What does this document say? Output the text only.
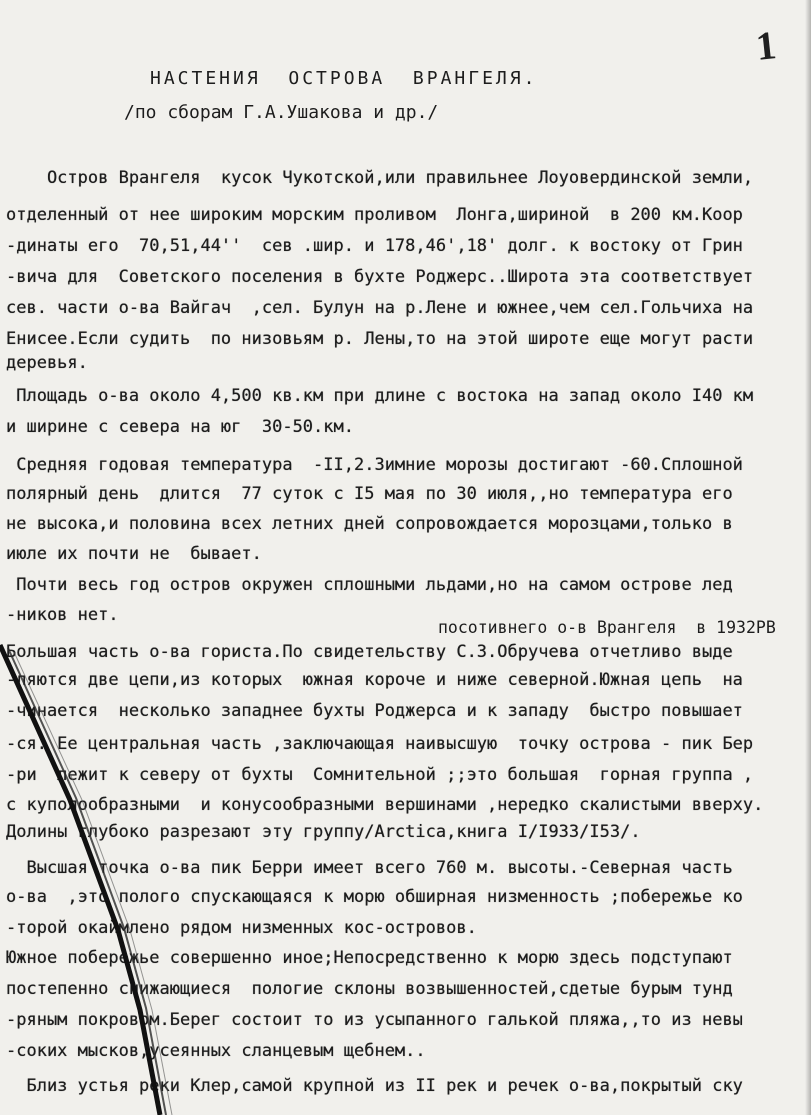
1
НАСТЕНИЯ  ОСТРОВА  ВРАНГЕЛЯ.
/по сборам Г.А.Ушакова и др./
посотивнего о-в Врангеля  в 1932РВ
Остров Врангеля  кусок Чукотской,или правильнее Лоуовердинской земли,
отделенный от нее широким морским проливом  Лонга,шириной  в 200 км.Коор
-динаты его  70,51,44''  сев .шир. и 178,46',18' долг. к востоку от Грин
-вича для  Советского поселения в бухте Роджерс..Широта эта соответствует
сев. части о-ва Вайгач  ,сел. Булун на р.Лене и южнее,чем сел.Гольчиха на
Енисее.Если судить  по низовьям р. Лены,то на этой широте еще могут расти
деревья.
Площадь о-ва около 4,500 кв.км при длине с востока на запад около I40 км
и ширине с севера на юг  30-50.км.
Средняя годовая температура  -II,2.Зимние морозы достигают -60.Сплошной
полярный день  длится  77 суток с I5 мая по 30 июля,,но температура его
не высока,и половина всех летних дней сопровождается морозцами,только в
июле их почти не  бывает.
Почти весь год остров окружен сплошными льдами,но на самом острове лед
-ников нет.
Большая часть о-ва гориста.По свидетельству С.З.Обручева отчетливо выде
-ляются две цепи,из которых  южная короче и ниже северной.Южная цепь  на
-чинается  несколько западнее бухты Роджерса и к западу  быстро повышает
-ся. Ее центральная часть ,заключающая наивысшую  точку острова - пик Бер
-ри  лежит к северу от бухты  Сомнительной ;;это большая  горная группа ,
с куполообразными  и конусообразными вершинами ,нередко скалистыми вверху.
Долины глубоко разрезают эту группу/Arctica,книга I/I933/I53/.
Высшая точка о-ва пик Берри имеет всего 760 м. высоты.-Северная часть
о-ва  ,это полого спускающаяся к морю обширная низменность ;побережье ко
-торой окаймлено рядом низменных кос-островов.
Южное побережье совершенно иное;Непосредственно к морю здесь подступают
постепенно снижающиеся  пологие склоны возвышенностей,сдетые бурым тунд
-ряным покровом.Берег состоит то из усыпанного галькой пляжа,,то из невы
-соких мысков,усеянных сланцевым щебнем..
Близ устья реки Клер,самой крупной из II рек и речек о-ва,покрытый ску
